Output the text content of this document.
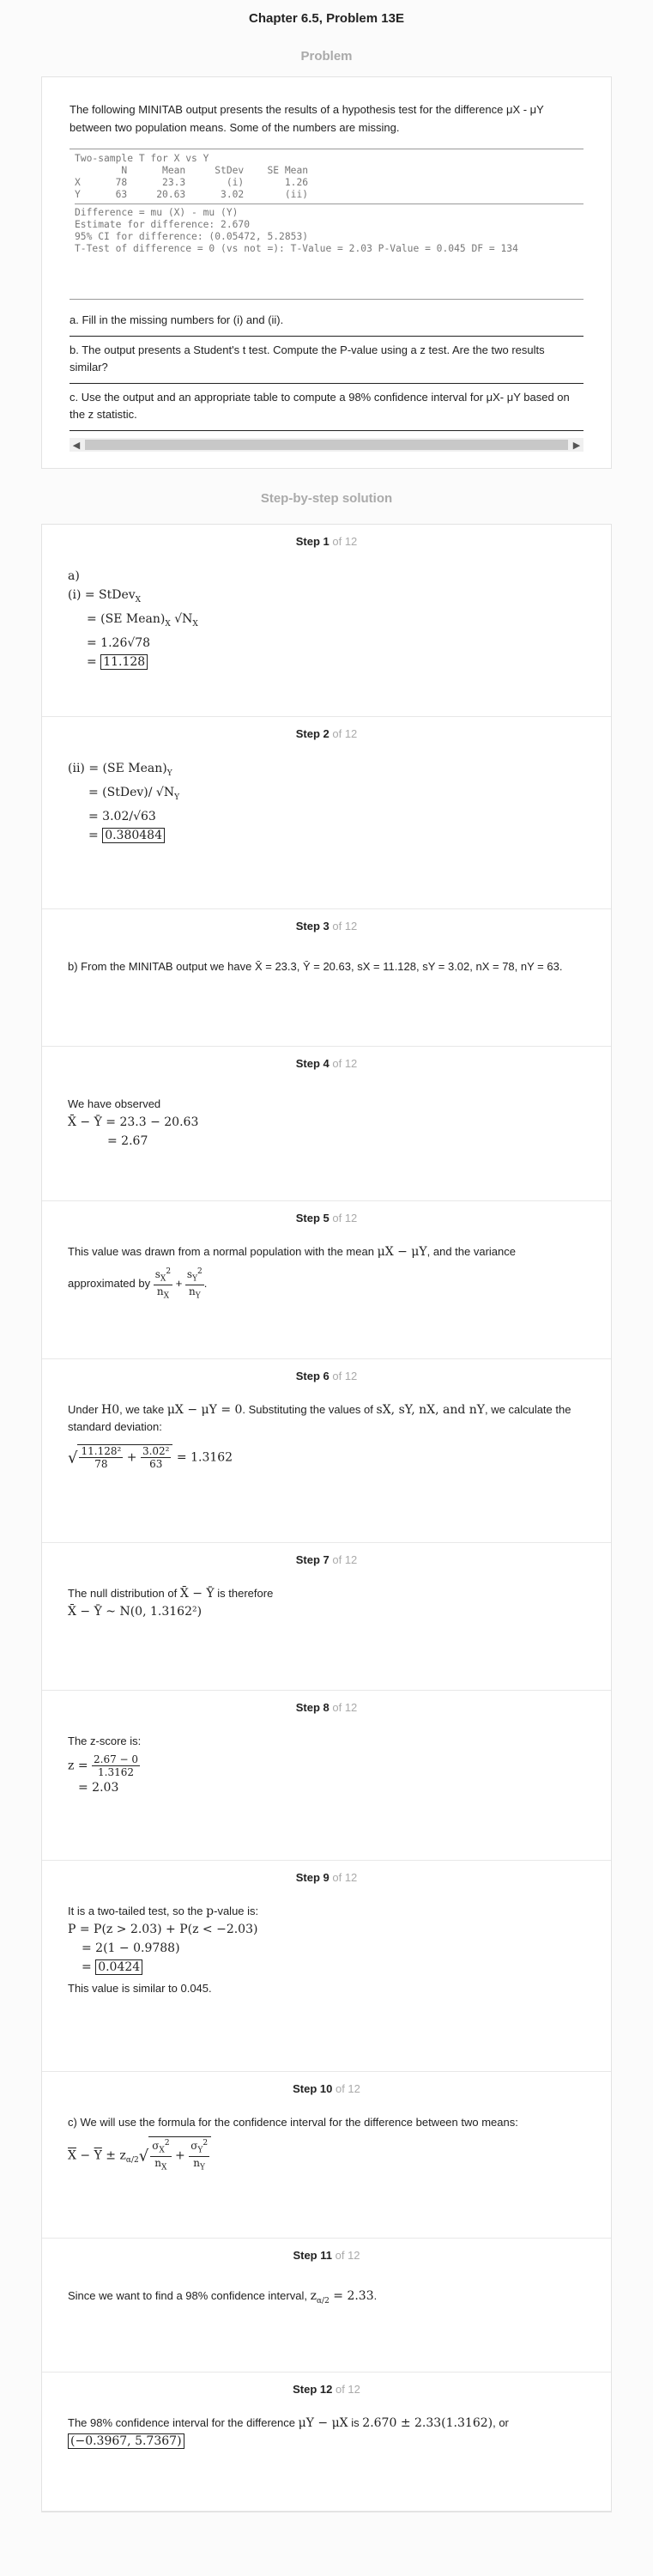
Chapter 6.5, Problem 13E
Problem

The following MINITAB output presents the results of a hypothesis test for the difference μX - μY between two population means. Some of the numbers are missing.

Two-sample T for X vs Y
N      Mean     StDev    SE Mean
X      78      23.3       (i)       1.26
Y      63     20.63      3.02       (ii)

Difference = mu (X) - mu (Y)
Estimate for difference: 2.670
95% CI for difference: (0.05472, 5.2853)
T-Test of difference = 0 (vs not =): T-Value = 2.03 P-Value = 0.045 DF = 134
a. Fill in the missing numbers for (i) and (ii).
b. The output presents a Student's t test. Compute the P-value using a z test. Are the two results similar?
c. Use the output and an appropriate table to compute a 98% confidence interval for μX- μY based on the z statistic.
◀	▶
Step-by-step solution
Step 1 of 12
a)
(i) = StDev$_X$
= (SE $Mean)_X$ $√N_X$
= 1.26√78
= 11.128
Step 2 of 12
(ii) = (SE $Mean)_Y$
= (StDev)/ $√N_Y$
= 3.02/√63
= 0.380484
Step 3 of 12
b) From the MINITAB output we have X̄ = 23.3, Ȳ = 20.63, sX = 11.128, sY = 3.02, nX = 78, nY = 63.
Step 4 of 12
We have observed
X̄ − Ȳ = 23.3 − 20.63
= 2.67
Step 5 of 12
This value was drawn from a normal population with the mean μX − μY, and the variance
approximated by $\frac{s_X^2}{n_X} + \frac{s_Y^2}{n_Y}$ .
Step 6 of 12
Under H0, we take μX − μY = 0. Substituting the values of sX, sY, nX, and nY, we calculate the standard deviation:
√ $\frac{\text{11.128²}}{78} + \frac{\text{3.02²}}{63} = 1.3162$
Step 7 of 12
The null distribution of X̄ − Ȳ is therefore
X̄ − Ȳ ~ N(0, 1.3162²)
Step 8 of 12
The z-score is:
$z = \frac{2.67 - 0}{1.3162}$
= 2.03
Step 9 of 12
It is a two-tailed test, so the p-value is:
P = P(z > 2.03) + P(z < −2.03)
= 2(1 − 0.9788)
= 0.0424
This value is similar to 0.045.
Step 10 of 12
c) We will use the formula for the confidence interval for the difference between two means:
$\overline{X} - \overline{Y} \pm z_{\alpha/2}√ \frac{\sigma_X^2}{n_X} + \frac{\sigma_Y^2}{n_Y}$
Step 11 of 12
Since we want to find a 98% confidence interval, $z_{\alpha/2} = 2.33$.
Step 12 of 12
The 98% confidence interval for the difference μY − μX is 2.670 ± 2.33(1.3162), or
(−0.3967, 5.7367)
